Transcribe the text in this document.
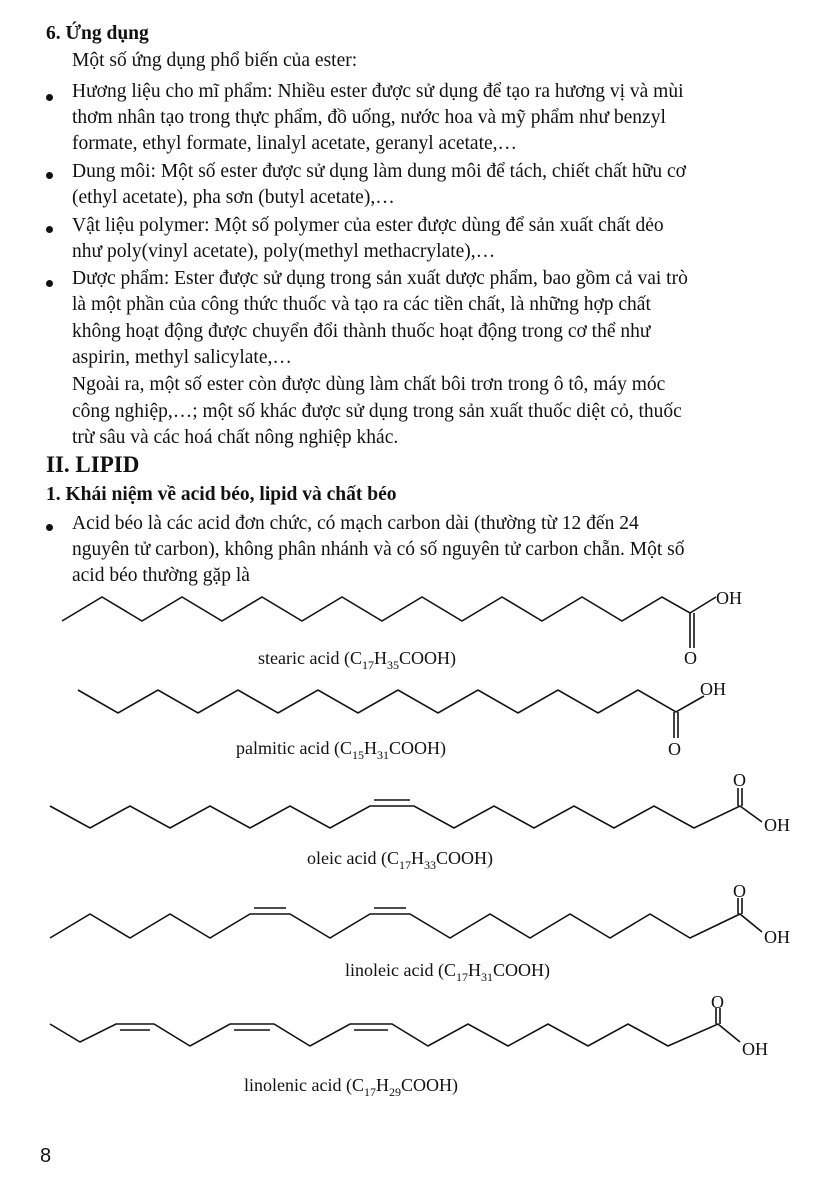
6. Ứng dụng
Một số ứng dụng phổ biến của ester:
Hương liệu cho mĩ phẩm: Nhiều ester được sử dụng để tạo ra hương vị và mùi
thơm nhân tạo trong thực phẩm, đồ uống, nước hoa và mỹ phẩm như benzyl
formate, ethyl formate, linalyl acetate, geranyl acetate,…
Dung môi: Một số ester được sử dụng làm dung môi để tách, chiết chất hữu cơ
(ethyl acetate), pha sơn (butyl acetate),…
Vật liệu polymer: Một số polymer của ester được dùng để sản xuất chất dẻo
như poly(vinyl acetate), poly(methyl methacrylate),…
Dược phẩm: Ester được sử dụng trong sản xuất dược phẩm, bao gồm cả vai trò
là một phần của công thức thuốc và tạo ra các tiền chất, là những hợp chất
không hoạt động được chuyển đổi thành thuốc hoạt động trong cơ thể như
aspirin, methyl salicylate,…
Ngoài ra, một số ester còn được dùng làm chất bôi trơn trong ô tô, máy móc
công nghiệp,…; một số khác được sử dụng trong sản xuất thuốc diệt cỏ, thuốc
trừ sâu và các hoá chất nông nghiệp khác.
II. LIPID
1. Khái niệm về acid béo, lipid và chất béo
Acid béo là các acid đơn chức, có mạch carbon dài (thường từ 12 đến 24
nguyên tử carbon), không phân nhánh và có số nguyên tử carbon chẵn. Một số
acid béo thường gặp là
OH
O
OH
O
O
OH
O
OH
O
OH
stearic acid $(C_{17}H_{35}COOH)$
palmitic acid $(C_{15}H_{31}COOH)$
oleic acid $(C_{17}H_{33}COOH)$
linoleic acid $(C_{17}H_{31}COOH)$
linolenic acid $(C_{17}H_{29}COOH)$
8
